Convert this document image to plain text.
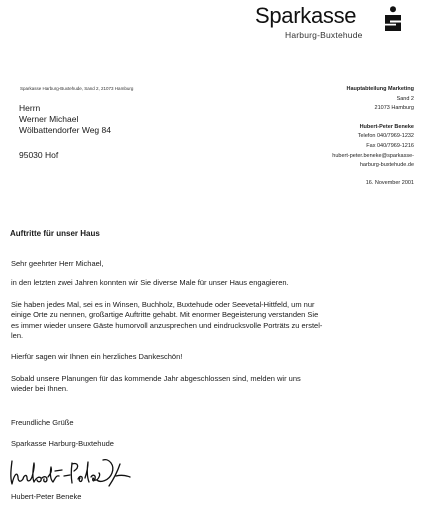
Sparkasse
Harburg-Buxtehude
Sparkasse Harburg-Buxtehude, Sand 2, 21073 Hamburg
Herrn
Werner Michael
Wölbattendorfer Weg 84
95030 Hof
Hauptabteilung Marketing
Sand 2
21073 Hamburg
Hubert-Peter Beneke
Telefon 040/7969-1232
Fax 040/7969-1216
hubert-peter.beneke@sparkasse-
harburg-buxtehude.de
16. November 2001
Auftritte für unser Haus

Sehr geehrter Herr Michael,

in den letzten zwei Jahren konnten wir Sie diverse Male für unser Haus engagieren.

Sie haben jedes Mal, sei es in Winsen, Buchholz, Buxtehude oder Seevetal-Hittfeld, um nur
einige Orte zu nennen, großartige Auftritte gehabt. Mit enormer Begeisterung verstanden Sie
es immer wieder unsere Gäste humorvoll anzusprechen und eindrucksvolle Porträts zu erstel-
len.

Hierfür sagen wir Ihnen ein herzliches Dankeschön!

Sobald unsere Planungen für das kommende Jahr abgeschlossen sind, melden wir uns
wieder bei Ihnen.

Freundliche Grüße
Sparkasse Harburg-Buxtehude
Hubert-Peter Beneke
